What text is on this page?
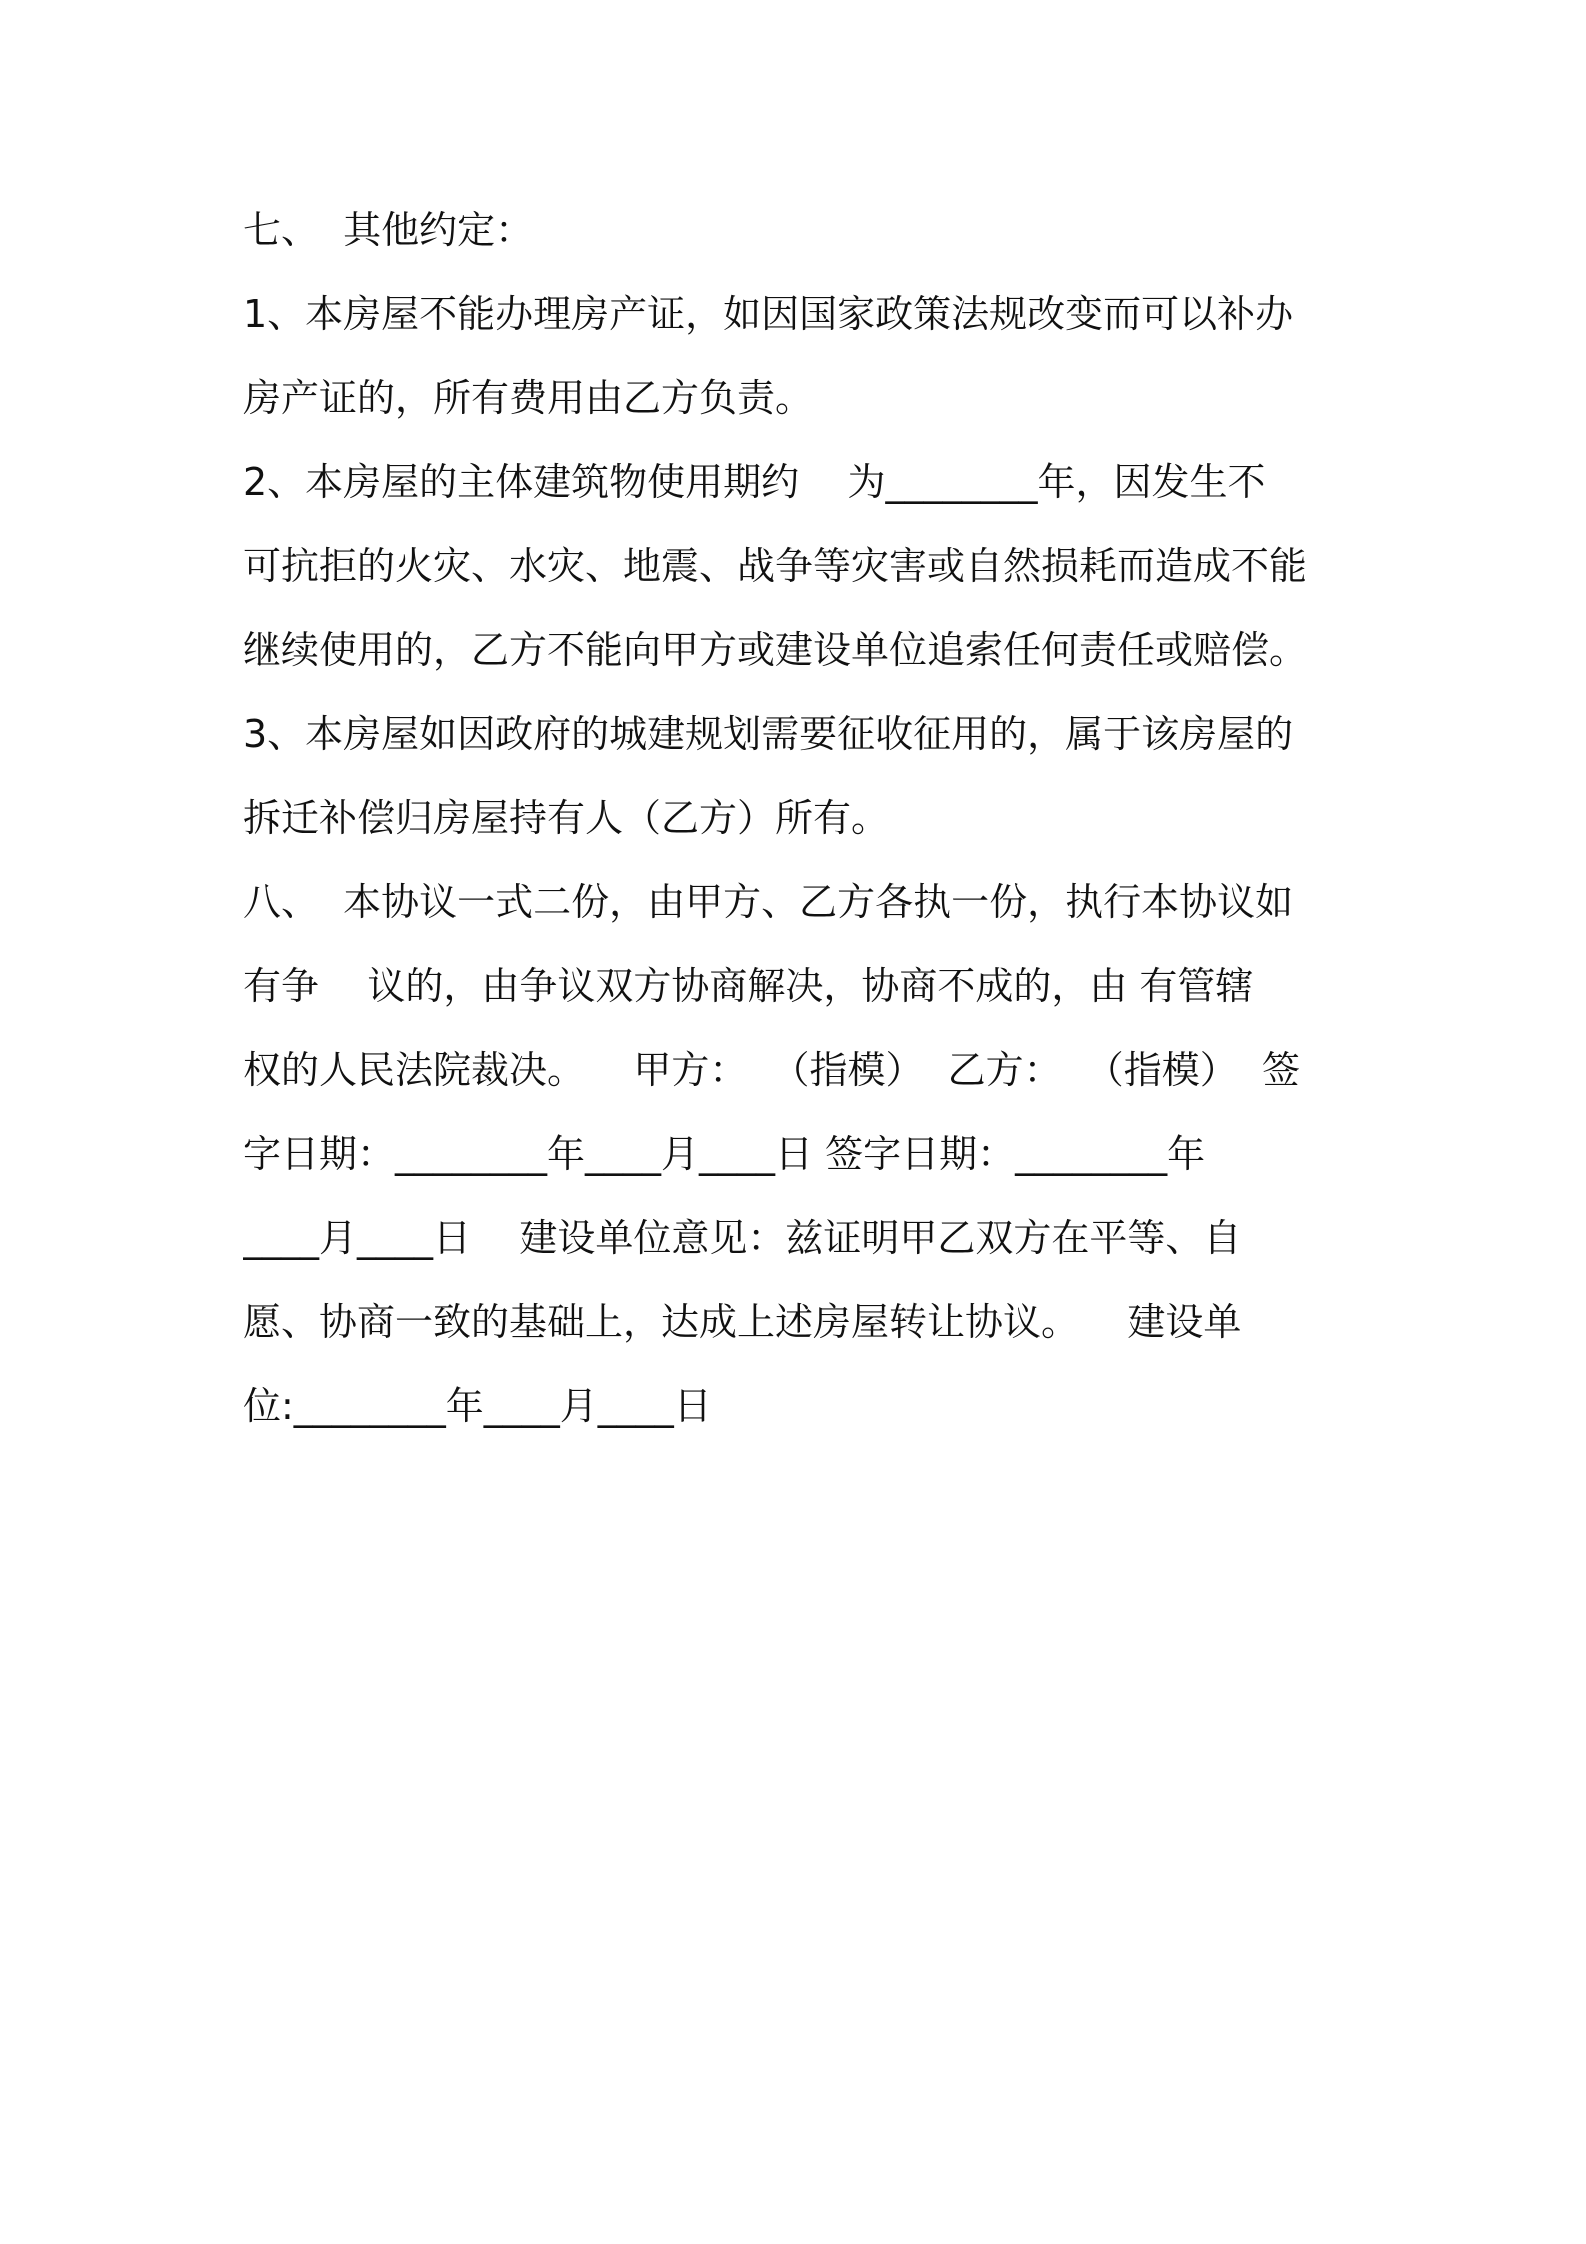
七、  其他约定：
1、本房屋不能办理房产证，如因国家政策法规改变而可以补办
房产证的，所有费用由乙方负责。
2、本房屋的主体建筑物使用期约    为________年，因发生不
可抗拒的火灾、水灾、地震、战争等灾害或自然损耗而造成不能
继续使用的，乙方不能向甲方或建设单位追索任何责任或赔偿。
3、本房屋如因政府的城建规划需要征收征用的，属于该房屋的
拆迁补偿归房屋持有人（乙方）所有。
八、  本协议一式二份，由甲方、乙方各执一份，执行本协议如
有争    议的，由争议双方协商解决，协商不成的，由 有管辖
权的人民法院裁决。    甲方：  （指模）  乙方：  （指模）  签
字日期：________年____月____日 签字日期：________年
____月____日    建设单位意见：兹证明甲乙双方在平等、自
愿、协商一致的基础上，达成上述房屋转让协议。    建设单
位:________年____月____日
